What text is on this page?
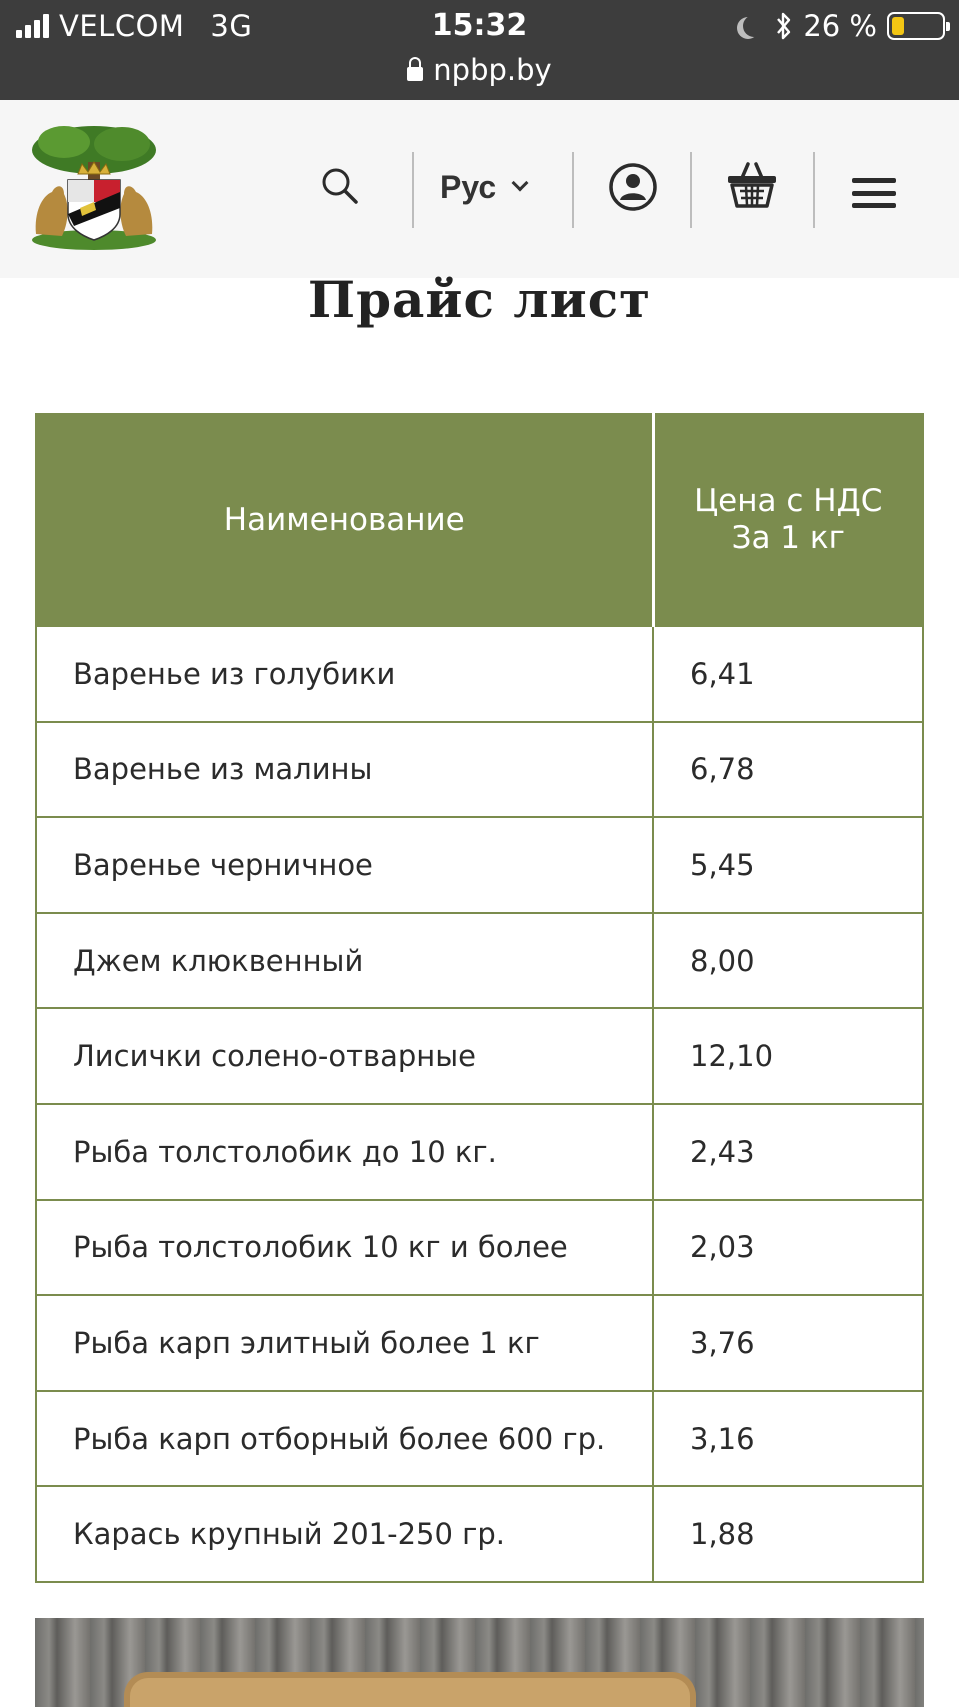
VELCOM 3G	15:32	26 %
npbp.by
Рус
Прайс лист
Наименование	Цена с НДС
За 1 кг
Варенье из голубики	6,41
Варенье из малины	6,78
Варенье черничное	5,45
Джем клюквенный	8,00
Лисички солено-отварные	12,10
Рыба толстолобик до 10 кг.	2,43
Рыба толстолобик 10 кг и более	2,03
Рыба карп элитный более 1 кг	3,76
Рыба карп отборный более 600 гр.	3,16
Карась крупный 201-250 гр.	1,88
